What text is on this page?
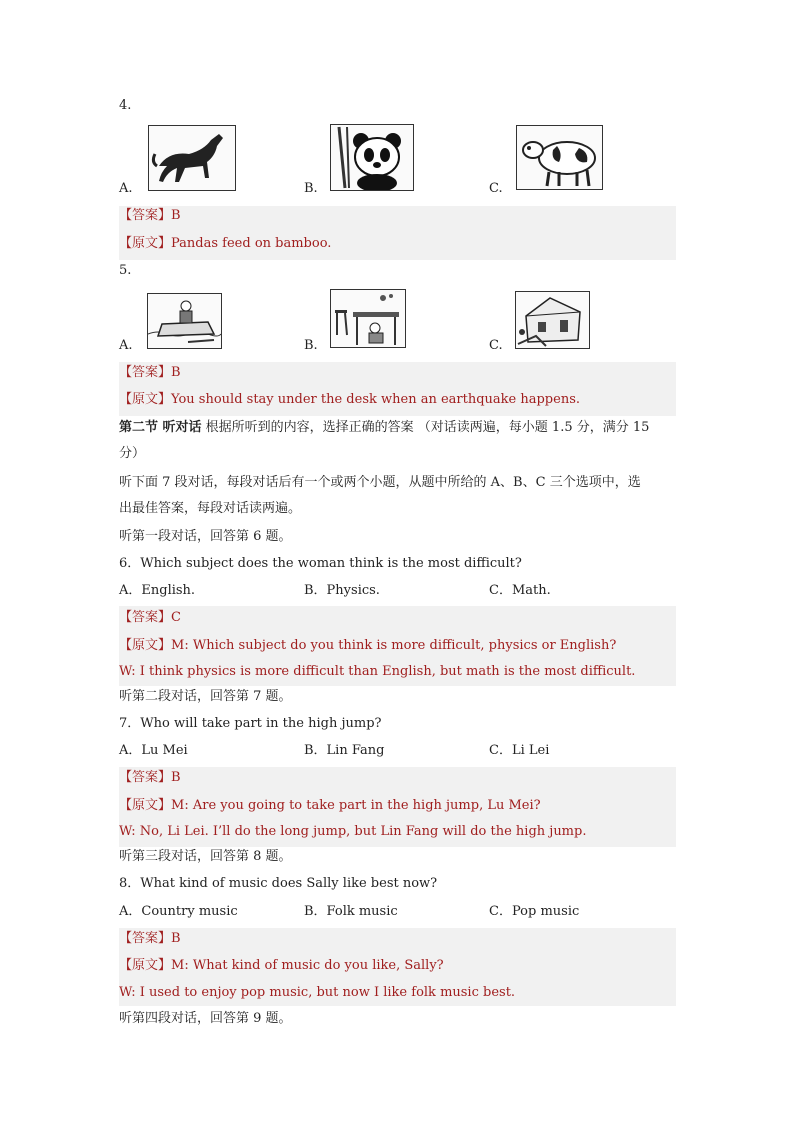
4.
A.	B.	C.
【答案】B
【原文】Pandas feed on bamboo.
5.
A.	B.	C.
【答案】B
【原文】You should stay under the desk when an earthquake happens.
第二节 听对话 根据所听到的内容，选择正确的答案 （对话读两遍，每小题 1.5 分，满分 15
分）
听下面 7 段对话，每段对话后有一个或两个小题，从题中所给的 A、B、C 三个选项中，选
出最佳答案，每段对话读两遍。
听第一段对话，回答第 6 题。
6．Which subject does the woman think is the most difficult?
A．English.	B．Physics.	C．Math.
【答案】C
【原文】M: Which subject do you think is more difficult, physics or English?
W: I think physics is more difficult than English, but math is the most difficult.
听第二段对话，回答第 7 题。
7．Who will take part in the high jump?
A．Lu Mei	B．Lin Fang	C．Li Lei
【答案】B
【原文】M: Are you going to take part in the high jump, Lu Mei?
W: No, Li Lei. I’ll do the long jump, but Lin Fang will do the high jump.
听第三段对话，回答第 8 题。
8．What kind of music does Sally like best now?
A．Country music	B．Folk music	C．Pop music
【答案】B
【原文】M: What kind of music do you like, Sally?
W: I used to enjoy pop music, but now I like folk music best.
听第四段对话，回答第 9 题。
